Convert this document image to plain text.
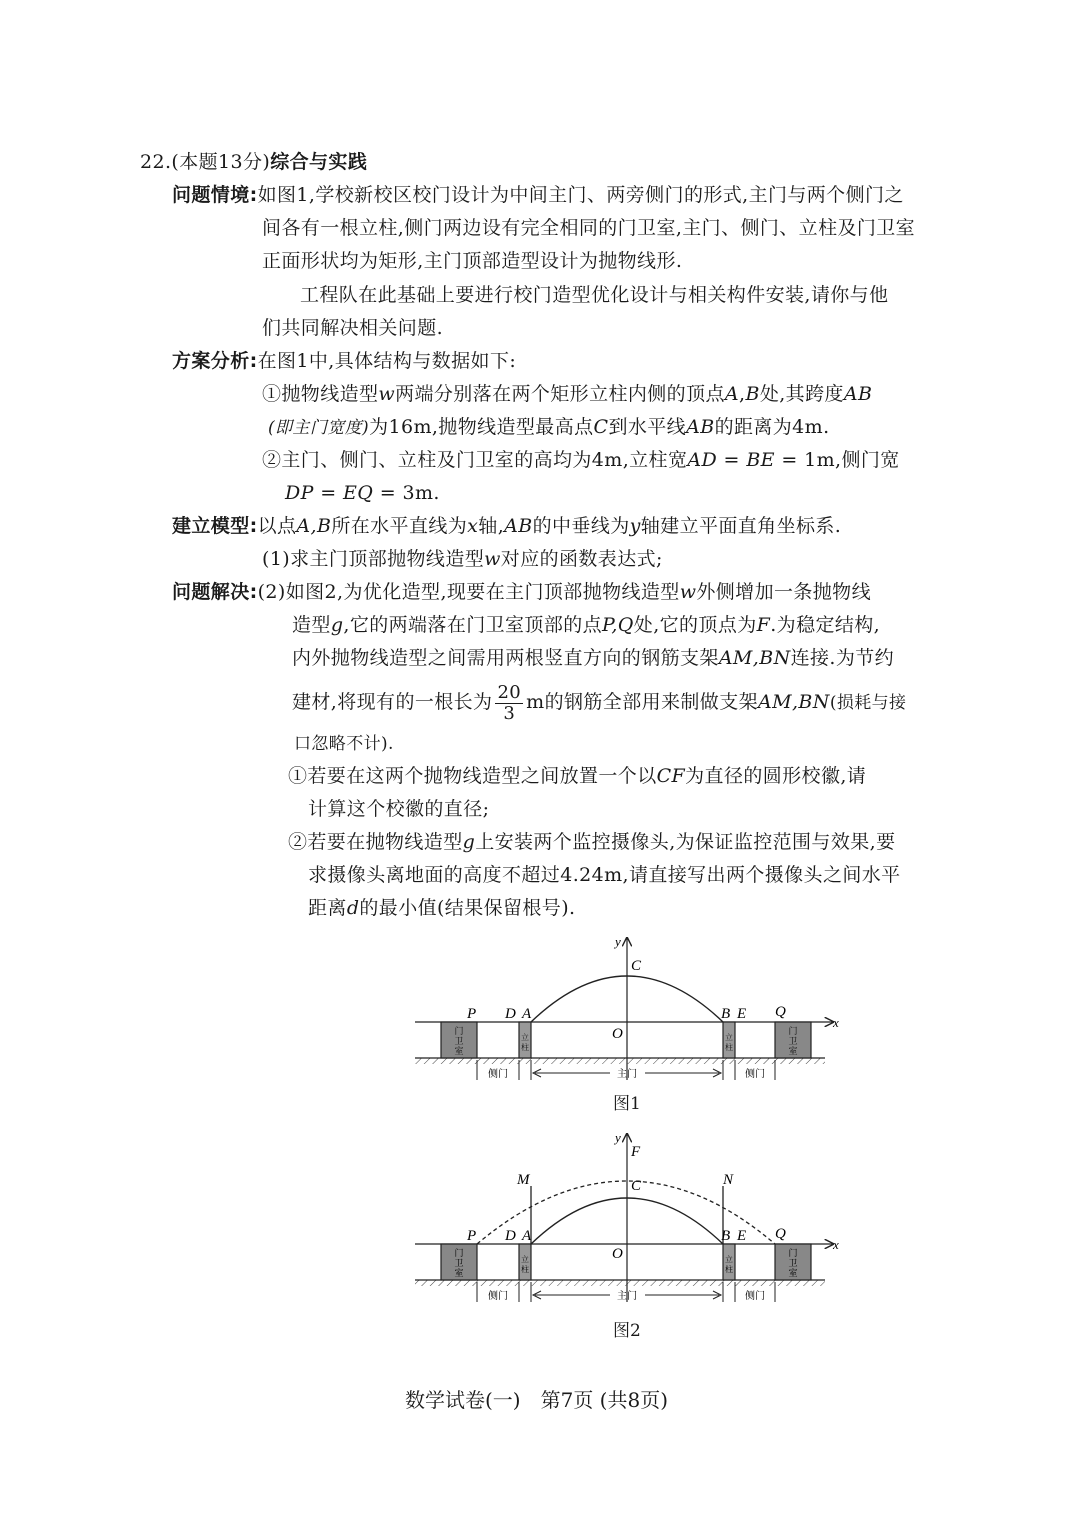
22.(本题13分)综合与实践
问题情境:如图1,学校新校区校门设计为中间主门、两旁侧门的形式,主门与两个侧门之
间各有一根立柱,侧门两边设有完全相同的门卫室,主门、侧门、立柱及门卫室
正面形状均为矩形,主门顶部造型设计为抛物线形.
工程队在此基础上要进行校门造型优化设计与相关构件安装,请你与他
们共同解决相关问题.
方案分析:在图1中,具体结构与数据如下:
①抛物线造型w两端分别落在两个矩形立柱内侧的顶点A,B处,其跨度AB
(即主门宽度)为16m,抛物线造型最高点C到水平线AB的距离为4m.
②主门、侧门、立柱及门卫室的高均为4m,立柱宽AD = BE = 1m,侧门宽
DP = EQ = 3m.
建立模型:以点A,B所在水平直线为x轴,AB的中垂线为y轴建立平面直角坐标系.
(1)求主门顶部抛物线造型w对应的函数表达式;
问题解决:(2)如图2,为优化造型,现要在主门顶部抛物线造型w外侧增加一条抛物线
造型g,它的两端落在门卫室顶部的点P,Q处,它的顶点为F.为稳定结构,
内外抛物线造型之间需用两根竖直方向的钢筋支架AM,BN连接.为节约
建材,将现有的一根长为 $\frac{20}{3}$ m的钢筋全部用来制做支架AM,BN(损耗与接
口忽略不计).
①若要在这两个抛物线造型之间放置一个以CF为直径的圆形校徽,请
计算这个校徽的直径;
②若要在抛物线造型g上安装两个监控摄像头,为保证监控范围与效果,要
求摄像头离地面的高度不超过4.24m,请直接写出两个摄像头之间水平
距离d的最小值(结果保留根号).
门
卫
室
门
卫
室
立
柱
立
柱
P D A	B E Q
C
O
x
y
侧门	主门	侧门
图1
门
卫
室
门
卫
室
立
柱
立
柱
P D A	B E Q
C
F
M	N
O
x
y
侧门	主门	侧门
图2
数学试卷(一)　第7页 (共8页)
